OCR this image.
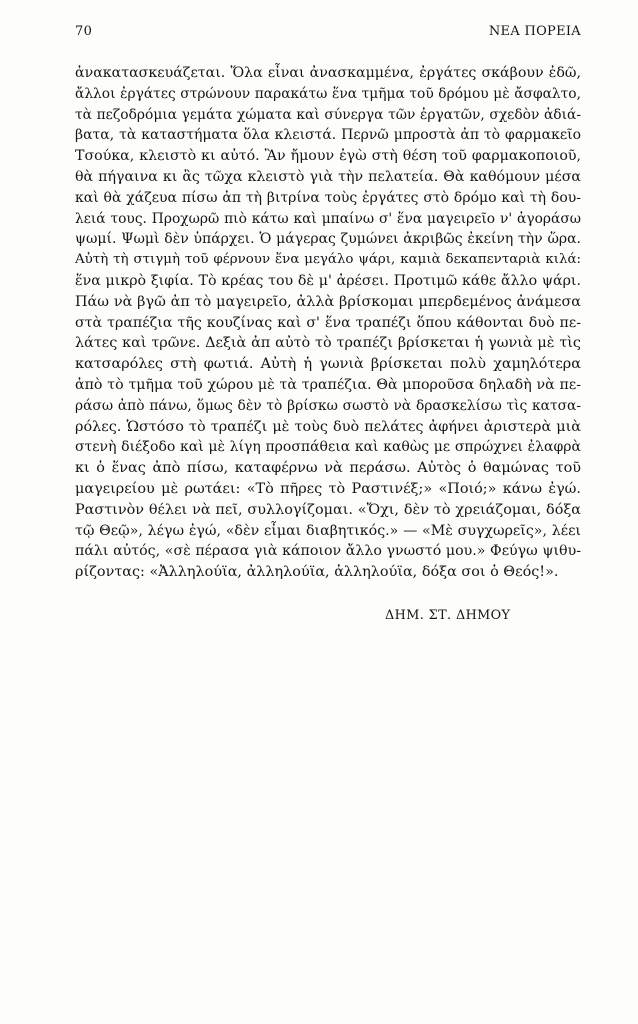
70	ΝΕΑ ΠΟΡΕΙΑ
ἀνακατασκευάζεται. Ὅλα εἶναι ἀνασκαμμένα, ἐργάτες σκάβουν ἐδῶ,
ἄλλοι ἐργάτες στρώνουν παρακάτω ἕνα τμῆμα τοῦ δρόμου μὲ ἄσφαλτο,
τὰ πεζοδρόμια γεμάτα χώματα καὶ σύνεργα τῶν ἐργατῶν, σχεδὸν ἀδιά-
βατα, τὰ καταστήματα ὅλα κλειστά. Περνῶ μπροστὰ ἀπ τὸ φαρμακεῖο
Τσούκα, κλειστὸ κι αὐτό. Ἂν ἤμουν ἐγὼ στὴ θέση τοῦ φαρμακοποιοῦ,
θὰ πήγαινα κι ἂς τῶχα κλειστὸ γιὰ τὴν πελατεία. Θὰ καθόμουν μέσα
καὶ θὰ χάζευα πίσω ἀπ τὴ βιτρίνα τοὺς ἐργάτες στὸ δρόμο καὶ τὴ δου-
λειά τους. Προχωρῶ πιὸ κάτω καὶ μπαίνω σ' ἕνα μαγειρεῖο ν' ἀγοράσω
ψωμί. Ψωμὶ δὲν ὑπάρχει. Ὁ μάγερας ζυμώνει ἀκριβῶς ἐκείνη τὴν ὥρα.
Αὐτὴ τὴ στιγμὴ τοῦ φέρνουν ἕνα μεγάλο ψάρι, καμιὰ δεκαπενταριὰ κιλά:
ἕνα μικρὸ ξιφία. Τὸ κρέας του δὲ μ' ἀρέσει. Προτιμῶ κάθε ἄλλο ψάρι.
Πάω νὰ βγῶ ἀπ τὸ μαγειρεῖο, ἀλλὰ βρίσκομαι μπερδεμένος ἀνάμεσα
στὰ τραπέζια τῆς κουζίνας καὶ σ' ἕνα τραπέζι ὅπου κάθονται δυὸ πε-
λάτες καὶ τρῶνε. Δεξιὰ ἀπ αὐτὸ τὸ τραπέζι βρίσκεται ἡ γωνιὰ μὲ τὶς
κατσαρόλες στὴ φωτιά. Αὐτὴ ἡ γωνιὰ βρίσκεται πολὺ χαμηλότερα
ἀπὸ τὸ τμῆμα τοῦ χώρου μὲ τὰ τραπέζια. Θὰ μποροῦσα δηλαδὴ νὰ πε-
ράσω ἀπὸ πάνω, ὅμως δὲν τὸ βρίσκω σωστὸ νὰ δρασκελίσω τὶς κατσα-
ρόλες. Ὡστόσο τὸ τραπέζι μὲ τοὺς δυὸ πελάτες ἀφήνει ἀριστερὰ μιὰ
στενὴ διέξοδο καὶ μὲ λίγη προσπάθεια καὶ καθὼς με σπρώχνει ἐλαφρὰ
κι ὁ ἕνας ἀπὸ πίσω, καταφέρνω νὰ περάσω. Αὐτὸς ὁ θαμώνας τοῦ
μαγειρείου μὲ ρωτάει: «Τὸ πῆρες τὸ Ραστινέξ;» «Ποιό;» κάνω ἐγώ.
Ραστινὸν θέλει νὰ πεῖ, συλλογίζομαι. «Ὄχι, δὲν τὸ χρειάζομαι, δόξα
τῷ Θεῷ», λέγω ἐγώ, «δὲν εἶμαι διαβητικός.» — «Μὲ συγχωρεῖς», λέει
πάλι αὐτός, «σὲ πέρασα γιὰ κάποιον ἄλλο γνωστό μου.» Φεύγω ψιθυ-
ρίζοντας: «Ἀλληλούϊα, ἀλληλούϊα, ἀλληλούϊα, δόξα σοι ὁ Θεός!».
ΔΗΜ. ΣΤ. ΔΗΜΟΥ
